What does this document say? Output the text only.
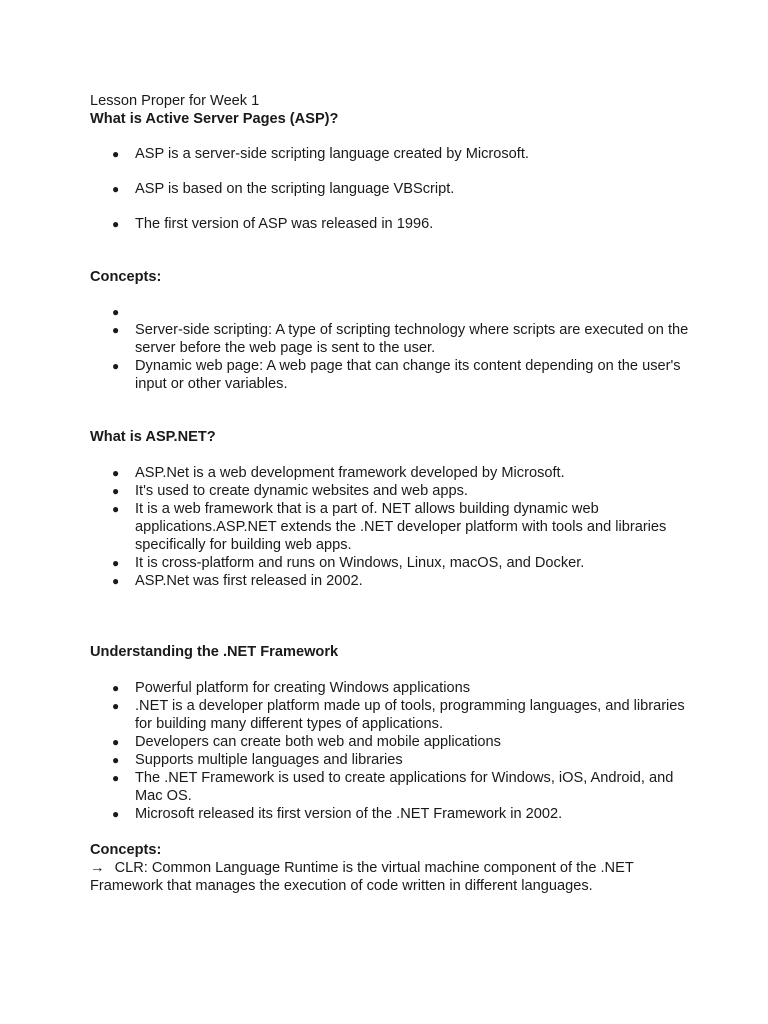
Lesson Proper for Week 1
What is Active Server Pages (ASP)?
● ASP is a server-side scripting language created by Microsoft.
● ASP is based on the scripting language VBScript.
● The first version of ASP was released in 1996.
Concepts:
●

● Server-side scripting: A type of scripting technology where scripts are executed on the server before the web page is sent to the user.
● Dynamic web page: A web page that can change its content depending on the user's input or other variables.
What is ASP.NET?
● ASP.Net is a web development framework developed by Microsoft.
● It's used to create dynamic websites and web apps.
● It is a web framework that is a part of. NET allows building dynamic web applications.ASP.NET extends the .NET developer platform with tools and libraries specifically for building web apps.
● It is cross-platform and runs on Windows, Linux, macOS, and Docker.
● ASP.Net was first released in 2002.
Understanding the .NET Framework
● Powerful platform for creating Windows applications
● .NET is a developer platform made up of tools, programming languages, and libraries for building many different types of applications.
● Developers can create both web and mobile applications
● Supports multiple languages and libraries
● The .NET Framework is used to create applications for Windows, iOS, Android, and Mac OS.
● Microsoft released its first version of the .NET Framework in 2002.
Concepts:
→ CLR: Common Language Runtime is the virtual machine component of the .NET Framework that manages the execution of code written in different languages.
